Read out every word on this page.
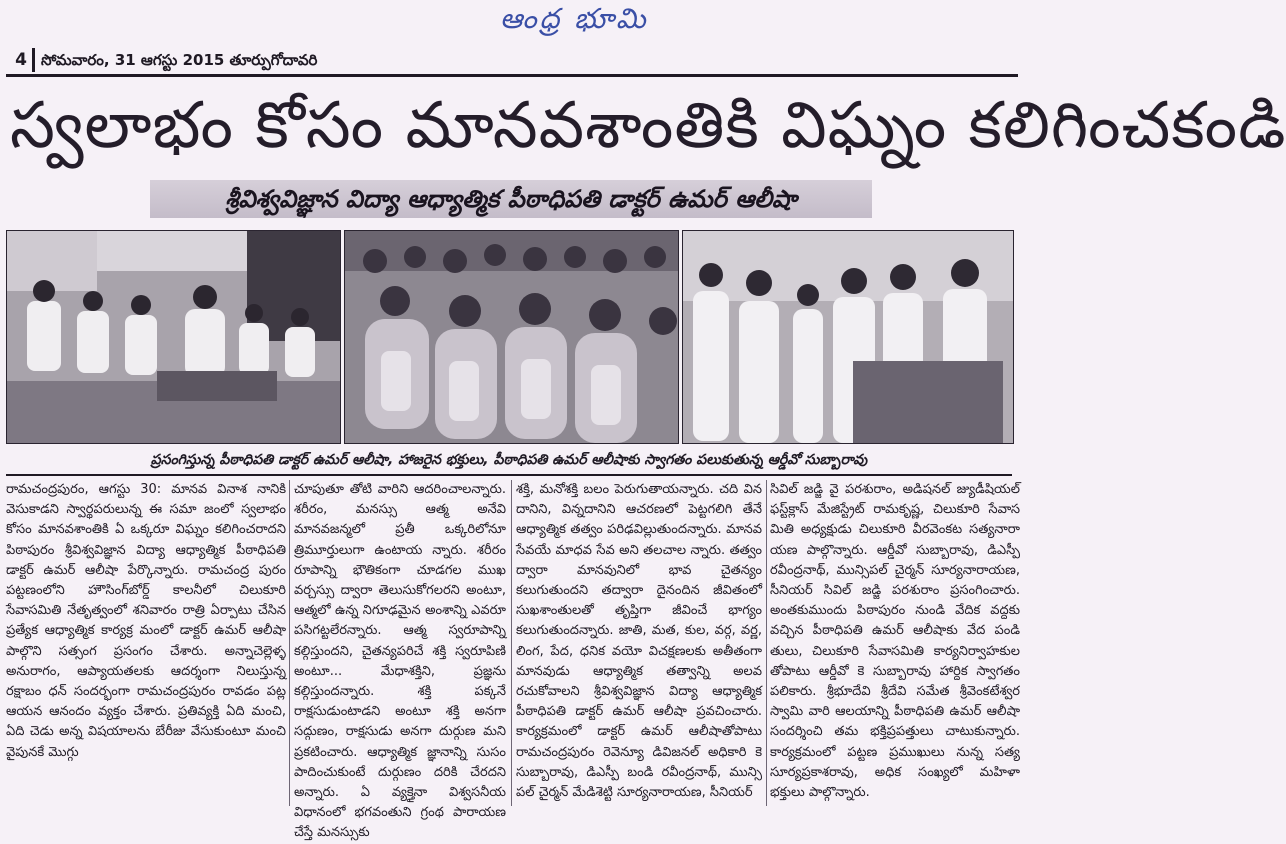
ఆంధ్ర భూమి
4 సోమవారం, 31 ఆగస్టు 2015 తూర్పుగోదావరి
స్వలాభం కోసం మానవశాంతికి విఘ్నం కలిగించకండి
శ్రీవిశ్వవిజ్ఞాన విద్యా ఆధ్యాత్మిక పీఠాధిపతి డాక్టర్ ఉమర్ ఆలీషా
ప్రసంగిస్తున్న పీఠాధిపతి డాక్టర్ ఉమర్ ఆలీషా, హాజరైన భక్తులు, పీఠాధిపతి ఉమర్ ఆలీషాకు స్వాగతం పలుకుతున్న ఆర్డీవో సుబ్బారావు

రామచంద్రపురం, ఆగస్టు 30: మానవ వినాశ నానికి వెసుకాడని స్వార్థపరులున్న ఈ సమా జంలో స్వలాభం కోసం మానవశాంతికి ఏ ఒక్కరూ విఘ్నం కలిగించరాదని పిఠాపురం శ్రీవిశ్వవిజ్ఞాన విద్యా ఆధ్యాత్మిక పీఠాధిపతి డాక్టర్ ఉమర్ ఆలీషా పేర్కొన్నారు. రామచంద్ర పురం పట్టణంలోని హౌసింగ్‌బోర్డ్ కాలనీలో చిలుకూరి సేవాసమితి నేతృత్వంలో శనివారం రాత్రి ఏర్పాటు చేసిన ప్రత్యేక ఆధ్యాత్మిక కార్యక్ర మంలో డాక్టర్ ఉమర్ ఆలీషా పాల్గొని సత్సంగ ప్రసంగం చేశారు. అన్నాచెల్లెళ్ళ అనురాగం, ఆప్యాయతలకు ఆదర్శంగా నిలుస్తున్న రక్షాబం ధన్ సందర్భంగా రామచంద్రపురం రావడం పట్ల ఆయన ఆనందం వ్యక్తం చేశారు. ప్రతివ్యక్తి ఏది మంచి, ఏది చెడు అన్న విషయాలను బేరీజు వేసుకుంటూ మంచి వైపునకే మొగ్గు

చూపుతూ తోటి వారిని ఆదరించాలన్నారు. శరీరం, మనస్సు ఆత్మ అనేవి మానవజన్మలో ప్రతీ ఒక్కరిలోనూ త్రిమూర్తులుగా ఉంటాయ న్నారు. శరీరం రూపాన్ని భౌతికంగా చూడగల ముఖ వర్చస్సు ద్వారా తెలుసుకోగలరని అంటూ, ఆత్మలో ఉన్న నిగూఢమైన అంశాన్ని ఎవరూ పసిగట్టలేరన్నారు. ఆత్మ స్వరూపాన్ని కల్గిస్తుందని, చైతన్యపరిచే శక్తి స్వరూపిణి అంటూ... మేధాశక్తిని, ప్రజ్ఞను కల్గిస్తుందన్నారు. శక్తి పక్కనే రాక్షసుడుంటాడని అంటూ శక్తి అనగా సద్గుణం, రాక్షసుడు అనగా దుర్గుణ మని ప్రకటించారు. ఆధ్యాత్మిక జ్ఞానాన్ని సుసం పాదించుకుంటే దుర్గుణం దరికి చేరదని అన్నారు. ఏ వ్యక్తైనా విశ్వసనీయ విధానంలో భగవంతుని గ్రంథ పారాయణ చేస్తే మనస్సుకు

శక్తి, మనోశక్తి బలం పెరుగుతాయన్నారు. చది విన దానిని, విన్నదానిని ఆచరణలో పెట్టగలిగి తేనే ఆధ్యాత్మిక తత్వం పరిఢవిల్లుతుందన్నారు. మానవ సేవయే మాధవ సేవ అని తలచాల న్నారు. తత్వం ద్వారా మానవునిలో భావ చైతన్యం కలుగుతుందని తద్వారా దైనందిన జీవితంలో సుఖశాంతులతో తృప్తిగా జీవించే భాగ్యం కలుగుతుందన్నారు. జాతి, మత, కుల, వర్గ, వర్ణ, లింగ, పేద, ధనిక వయో విచక్షణలకు అతీతంగా మానవుడు ఆధ్యాత్మిక తత్వాన్ని అలవ రచుకోవాలని శ్రీవిశ్వవిజ్ఞాన విద్యా ఆధ్యాత్మిక పీఠాధిపతి డాక్టర్ ఉమర్ ఆలీషా ప్రవచించారు. కార్యక్రమంలో డాక్టర్ ఉమర్ ఆలీషాతోపాటు రామచంద్రపురం రెవెన్యూ డివిజనల్ అధికారి కె సుబ్బారావు, డిఎస్పీ బండి రవీంద్రనాథ్, మున్సి పల్ చైర్మన్ మేడిశెట్టి సూర్యనారాయణ, సీనియర్

సివిల్ జడ్జి వై పరశురాం, అడిషనల్ జ్యుడీషియల్ ఫస్ట్‌క్లాస్ మేజిస్ట్రేట్ రామకృష్ణ, చిలుకూరి సేవాస మితి అధ్యక్షుడు చిలుకూరి వీరవెంకట సత్యనారా యణ పాల్గొన్నారు. ఆర్డీవో సుబ్బారావు, డిఎస్పీ రవీంద్రనాథ్, మున్సిపల్ చైర్మన్ సూర్యనారాయణ, సీనియర్ సివిల్ జడ్జి పరశురాం ప్రసంగించారు. అంతకుముందు పిఠాపురం నుండి వేదిక వద్దకు వచ్చిన పీఠాధిపతి ఉమర్ ఆలీషాకు వేద పండి తులు, చిలుకూరి సేవాసమితి కార్యనిర్వాహకుల తోపాటు ఆర్డీవో కె సుబ్బారావు హార్దిక స్వాగతం పలికారు. శ్రీభూదేవి శ్రీదేవి సమేత శ్రీవెంకటేశ్వర స్వామి వారి ఆలయాన్ని పీఠాధిపతి ఉమర్ ఆలీషా సందర్శించి తమ భక్తిప్రపత్తులు చాటుకున్నారు. కార్యక్రమంలో పట్టణ ప్రముఖులు నున్న సత్య సూర్యప్రకాశరావు, అధిక సంఖ్యలో మహిళా భక్తులు పాల్గొన్నారు.
